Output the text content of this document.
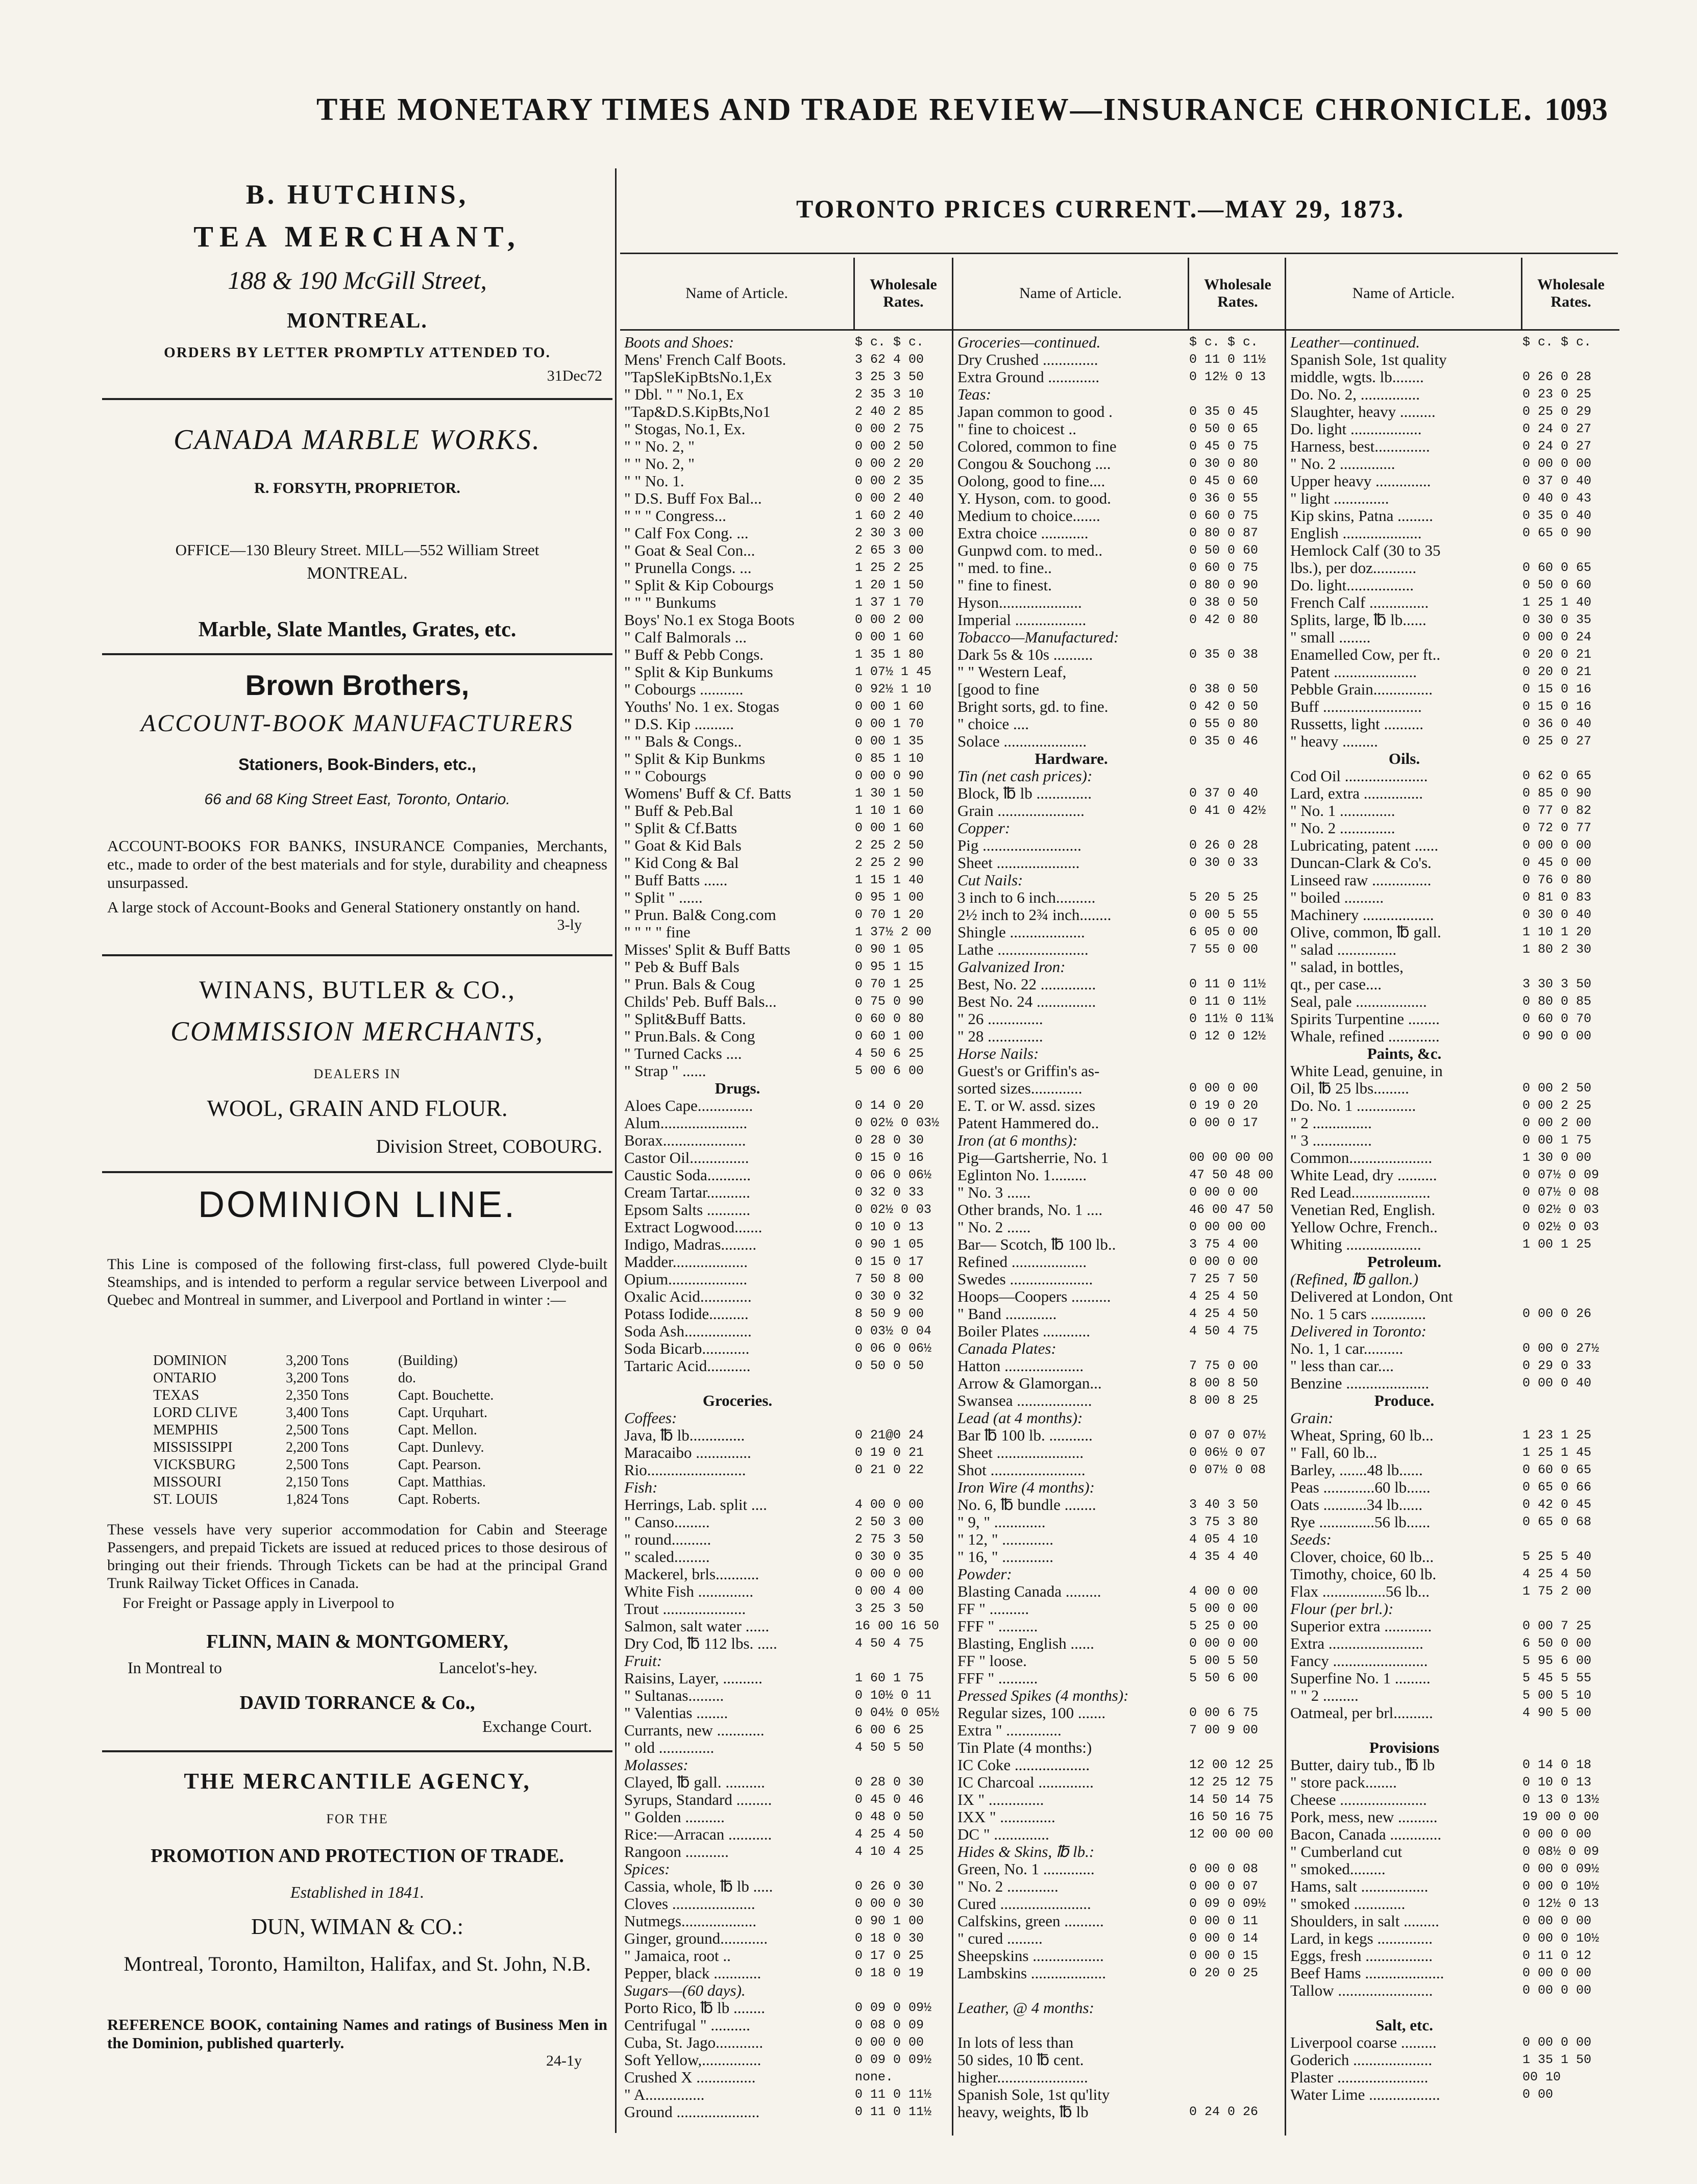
THE MONETARY TIMES AND TRADE REVIEW—INSURANCE CHRONICLE. 1093
B. HUTCHINS,
TEA MERCHANT,
188 & 190 McGill Street,
MONTREAL.
ORDERS BY LETTER PROMPTLY ATTENDED TO.
31Dec72
CANADA MARBLE WORKS.
R. FORSYTH, PROPRIETOR.
OFFICE—130 Bleury Street. MILL—552 William Street
MONTREAL.
Marble, Slate Mantles, Grates, etc.
Brown Brothers,
ACCOUNT-BOOK MANUFACTURERS
Stationers, Book-Binders, etc.,
66 and 68 King Street East, Toronto, Ontario.
ACCOUNT-BOOKS FOR BANKS, INSURANCE Companies, Merchants, etc., made to order of the best materials and for style, durability and cheapness unsurpassed.
A large stock of Account-Books and General Stationery onstantly on hand.
3-ly
WINANS, BUTLER & CO.,
COMMISSION MERCHANTS,
DEALERS IN
WOOL, GRAIN AND FLOUR.
Division Street, COBOURG.
DOMINION LINE.
This Line is composed of the following first-class, full powered Clyde-built Steamships, and is intended to perform a regular service between Liverpool and Quebec and Montreal in summer, and Liverpool and Portland in winter :—
DOMINION	3,200 Tons	(Building)
ONTARIO	3,200 Tons	do.
TEXAS	2,350 Tons	Capt. Bouchette.
LORD CLIVE	3,400 Tons	Capt. Urquhart.
MEMPHIS	2,500 Tons	Capt. Mellon.
MISSISSIPPI	2,200 Tons	Capt. Dunlevy.
VICKSBURG	2,500 Tons	Capt. Pearson.
MISSOURI	2,150 Tons	Capt. Matthias.
ST. LOUIS	1,824 Tons	Capt. Roberts.
These vessels have very superior accommodation for Cabin and Steerage Passengers, and prepaid Tickets are issued at reduced prices to those desirous of bringing out their friends. Through Tickets can be had at the principal Grand Trunk Railway Ticket Offices in Canada.
For Freight or Passage apply in Liverpool to
FLINN, MAIN & MONTGOMERY,
In Montreal to	Lancelot's-hey.
DAVID TORRANCE & Co.,
Exchange Court.
THE MERCANTILE AGENCY,
FOR THE
PROMOTION AND PROTECTION OF TRADE.
Established in 1841.
DUN, WIMAN & CO.:
Montreal, Toronto, Hamilton, Halifax, and St. John, N.B.
REFERENCE BOOK, containing Names and ratings of Business Men in the Dominion, published quarterly.
24-1y
TORONTO PRICES CURRENT.—MAY 29, 1873.
Name of Article.
Wholesale
Rates.
Boots and Shoes:	$ c. $ c.
Mens' French Calf Boots.	3 62 4 00
"TapSleKipBtsNo.1,Ex	3 25 3 50
" Dbl. " " No.1, Ex	2 35 3 10
"Tap&D.S.KipBts,No1	2 40 2 85
" Stogas, No.1, Ex.	0 00 2 75
" " No. 2, "	0 00 2 50
" " No. 2, "	0 00 2 20
" " No. 1.	0 00 2 35
" D.S. Buff Fox Bal...	0 00 2 40
" " " Congress...	1 60 2 40
" Calf Fox Cong. ...	2 30 3 00
" Goat & Seal Con...	2 65 3 00
" Prunella Congs. ...	1 25 2 25
" Split & Kip Cobourgs	1 20 1 50
" " " Bunkums	1 37 1 70
Boys' No.1 ex Stoga Boots	0 00 2 00
" Calf Balmorals ...	0 00 1 60
" Buff & Pebb Congs.	1 35 1 80
" Split & Kip Bunkums	1 07½ 1 45
" Cobourgs ...........	0 92½ 1 10
Youths' No. 1 ex. Stogas	0 00 1 60
" D.S. Kip ..........	0 00 1 70
" " Bals & Congs..	0 00 1 35
" Split & Kip Bunkms	0 85 1 10
" " Cobourgs	0 00 0 90
Womens' Buff & Cf. Batts	1 30 1 50
" Buff & Peb.Bal	1 10 1 60
" Split & Cf.Batts	0 00 1 60
" Goat & Kid Bals	2 25 2 50
" Kid Cong & Bal	2 25 2 90
" Buff Batts ......	1 15 1 40
" Split " ......	0 95 1 00
" Prun. Bal& Cong.com	0 70 1 20
" " " " fine	1 37½ 2 00
Misses' Split & Buff Batts	0 90 1 05
" Peb & Buff Bals	0 95 1 15
" Prun. Bals & Coug	0 70 1 25
Childs' Peb. Buff Bals...	0 75 0 90
" Split&Buff Batts.	0 60 0 80
" Prun.Bals. & Cong	0 60 1 00
" Turned Cacks ....	4 50 6 25
" Strap " ......	5 00 6 00
Drugs.
Aloes Cape..............	0 14 0 20
Alum......................	0 02½ 0 03½
Borax.....................	0 28 0 30
Castor Oil...............	0 15 0 16
Caustic Soda...........	0 06 0 06½
Cream Tartar...........	0 32 0 33
Epsom Salts ...........	0 02½ 0 03
Extract Logwood.......	0 10 0 13
Indigo, Madras.........	0 90 1 05
Madder...................	0 15 0 17
Opium....................	7 50 8 00
Oxalic Acid.............	0 30 0 32
Potass Iodide..........	8 50 9 00
Soda Ash.................	0 03½ 0 04
Soda Bicarb............	0 06 0 06½
Tartaric Acid...........	0 50 0 50
Groceries.
Coffees:
Java, ℔ lb..............	0 21@0 24
Maracaibo ..............	0 19 0 21
Rio.........................	0 21 0 22
Fish:
Herrings, Lab. split ....	4 00 0 00
" Canso.........	2 50 3 00
" round..........	2 75 3 50
" scaled.........	0 30 0 35
Mackerel, brls...........	0 00 0 00
White Fish ..............	0 00 4 00
Trout .....................	3 25 3 50
Salmon, salt water ......	16 00 16 50
Dry Cod, ℔ 112 lbs. .....	4 50 4 75
Fruit:
Raisins, Layer, ..........	1 60 1 75
" Sultanas.........	0 10½ 0 11
" Valentias ........	0 04½ 0 05½
Currants, new ............	6 00 6 25
" old ..............	4 50 5 50
Molasses:
Clayed, ℔ gall. ..........	0 28 0 30
Syrups, Standard .........	0 45 0 46
" Golden ..........	0 48 0 50
Rice:—Arracan ...........	4 25 4 50
Rangoon ...........	4 10 4 25
Spices:
Cassia, whole, ℔ lb .....	0 26 0 30
Cloves .....................	0 00 0 30
Nutmegs...................	0 90 1 00
Ginger, ground............	0 18 0 30
" Jamaica, root ..	0 17 0 25
Pepper, black ............	0 18 0 19
Sugars—(60 days).
Porto Rico, ℔ lb ........	0 09 0 09½
Centrifugal " ..........	0 08 0 09
Cuba, St. Jago............	0 00 0 00
Soft Yellow,...............	0 09 0 09½
Crushed X ...............	none.
" A...............	0 11 0 11½
Ground .....................	0 11 0 11½
Name of Article.
Wholesale
Rates.
Groceries—continued.	$ c. $ c.
Dry Crushed ..............	0 11 0 11½
Extra Ground .............	0 12½ 0 13
Teas:
Japan common to good .	0 35 0 45
" fine to choicest ..	0 50 0 65
Colored, common to fine	0 45 0 75
Congou & Souchong ....	0 30 0 80
Oolong, good to fine....	0 45 0 60
Y. Hyson, com. to good.	0 36 0 55
Medium to choice.......	0 60 0 75
Extra choice ............	0 80 0 87
Gunpwd com. to med..	0 50 0 60
" med. to fine..	0 60 0 75
" fine to finest.	0 80 0 90
Hyson.....................	0 38 0 50
Imperial ..................	0 42 0 80
Tobacco—Manufactured:
Dark 5s & 10s ..........	0 35 0 38
" " Western Leaf,
[good to fine	0 38 0 50
Bright sorts, gd. to fine.	0 42 0 50
" choice ....	0 55 0 80
Solace .....................	0 35 0 46
Hardware.
Tin (net cash prices):
Block, ℔ lb ..............	0 37 0 40
Grain ......................	0 41 0 42½
Copper:
Pig .........................	0 26 0 28
Sheet .....................	0 30 0 33
Cut Nails:
3 inch to 6 inch..........	5 20 5 25
2½ inch to 2¾ inch........	0 00 5 55
Shingle ...................	6 05 0 00
Lathe .......................	7 55 0 00
Galvanized Iron:
Best, No. 22 ..............	0 11 0 11½
Best No. 24 ...............	0 11 0 11½
" 26 ..............	0 11½ 0 11¾
" 28 ..............	0 12 0 12½
Horse Nails:
Guest's or Griffin's as-
sorted sizes.............	0 00 0 00
E. T. or W. assd. sizes	0 19 0 20
Patent Hammered do..	0 00 0 17
Iron (at 6 months):
Pig—Gartsherrie, No. 1	00 00 00 00
Eglinton No. 1.........	47 50 48 00
" No. 3 ......	0 00 0 00
Other brands, No. 1 ....	46 00 47 50
" No. 2 ......	0 00 00 00
Bar— Scotch, ℔ 100 lb..	3 75 4 00
Refined ...................	0 00 0 00
Swedes .....................	7 25 7 50
Hoops—Coopers ..........	4 25 4 50
" Band .............	4 25 4 50
Boiler Plates ............	4 50 4 75
Canada Plates:
Hatton ....................	7 75 0 00
Arrow & Glamorgan...	8 00 8 50
Swansea ...................	8 00 8 25
Lead (at 4 months):
Bar ℔ 100 lb. ...........	0 07 0 07½
Sheet ......................	0 06½ 0 07
Shot ........................	0 07½ 0 08
Iron Wire (4 months):
No. 6, ℔ bundle ........	3 40 3 50
" 9, " .............	3 75 3 80
" 12, " .............	4 05 4 10
" 16, " .............	4 35 4 40
Powder:
Blasting Canada .........	4 00 0 00
FF " ..........	5 00 0 00
FFF " ..........	5 25 0 00
Blasting, English ......	0 00 0 00
FF " loose.	5 00 5 50
FFF " ..........	5 50 6 00
Pressed Spikes (4 months):
Regular sizes, 100 .......	0 00 6 75
Extra " ..............	7 00 9 00
Tin Plate (4 months:)
IC Coke ...................	12 00 12 25
IC Charcoal ..............	12 25 12 75
IX " ..............	14 50 14 75
IXX " ..............	16 50 16 75
DC " ..............	12 00 00 00
Hides & Skins, ℔ lb.:
Green, No. 1 .............	0 00 0 08
" No. 2 .............	0 00 0 07
Cured .......................	0 09 0 09½
Calfskins, green ..........	0 00 0 11
" cured .........	0 00 0 14
Sheepskins ..................	0 00 0 15
Lambskins ...................	0 20 0 25
Leather, @ 4 months:
In lots of less than
50 sides, 10 ℔ cent.
higher.......................
Spanish Sole, 1st qu'lity
heavy, weights, ℔ lb	0 24 0 26
Name of Article.
Wholesale
Rates.
Leather—continued.	$ c. $ c.
Spanish Sole, 1st quality
middle, wgts. lb........	0 26 0 28
Do. No. 2, ...............	0 23 0 25
Slaughter, heavy .........	0 25 0 29
Do. light ..................	0 24 0 27
Harness, best..............	0 24 0 27
" No. 2 ..............	0 00 0 00
Upper heavy ..............	0 37 0 40
" light ..............	0 40 0 43
Kip skins, Patna .........	0 35 0 40
English ....................	0 65 0 90
Hemlock Calf (30 to 35
lbs.), per doz...........	0 60 0 65
Do. light.................	0 50 0 60
French Calf ...............	1 25 1 40
Splits, large, ℔ lb......	0 30 0 35
" small ........	0 00 0 24
Enamelled Cow, per ft..	0 20 0 21
Patent .....................	0 20 0 21
Pebble Grain...............	0 15 0 16
Buff .........................	0 15 0 16
Russetts, light ..........	0 36 0 40
" heavy .........	0 25 0 27
Oils.
Cod Oil .....................	0 62 0 65
Lard, extra ...............	0 85 0 90
" No. 1 ..............	0 77 0 82
" No. 2 ..............	0 72 0 77
Lubricating, patent ......	0 00 0 00
Duncan-Clark & Co's.	0 45 0 00
Linseed raw ...............	0 76 0 80
" boiled ..........	0 81 0 83
Machinery ..................	0 30 0 40
Olive, common, ℔ gall.	1 10 1 20
" salad ...............	1 80 2 30
" salad, in bottles,
qt., per case....	3 30 3 50
Seal, pale ..................	0 80 0 85
Spirits Turpentine ........	0 60 0 70
Whale, refined .............	0 90 0 00
Paints, &c.
White Lead, genuine, in
Oil, ℔ 25 lbs.........	0 00 2 50
Do. No. 1 ...............	0 00 2 25
" 2 ...............	0 00 2 00
" 3 ...............	0 00 1 75
Common.....................	1 30 0 00
White Lead, dry ..........	0 07½ 0 09
Red Lead....................	0 07½ 0 08
Venetian Red, English.	0 02½ 0 03
Yellow Ochre, French..	0 02½ 0 03
Whiting ...................	1 00 1 25
Petroleum.
(Refined, ℔ gallon.)
Delivered at London, Ont
No. 1 5 cars ..............	0 00 0 26
Delivered in Toronto:
No. 1, 1 car..........	0 00 0 27½
" less than car....	0 29 0 33
Benzine .....................	0 00 0 40
Produce.
Grain:
Wheat, Spring, 60 lb...	1 23 1 25
" Fall, 60 lb...	1 25 1 45
Barley, .......48 lb......	0 60 0 65
Peas .............60 lb......	0 65 0 66
Oats ...........34 lb......	0 42 0 45
Rye ..............56 lb......	0 65 0 68
Seeds:
Clover, choice, 60 lb...	5 25 5 40
Timothy, choice, 60 lb.	4 25 4 50
Flax ................56 lb...	1 75 2 00
Flour (per brl.):
Superior extra ............	0 00 7 25
Extra ........................	6 50 0 00
Fancy ........................	5 95 6 00
Superfine No. 1 .........	5 45 5 55
" " 2 .........	5 00 5 10
Oatmeal, per brl..........	4 90 5 00
Provisions
Butter, dairy tub., ℔ lb	0 14 0 18
" store pack........	0 10 0 13
Cheese ......................	0 13 0 13½
Pork, mess, new ..........	19 00 0 00
Bacon, Canada .............	0 00 0 00
" Cumberland cut	0 08½ 0 09
" smoked.........	0 00 0 09½
Hams, salt .................	0 00 0 10½
" smoked .............	0 12½ 0 13
Shoulders, in salt .........	0 00 0 00
Lard, in kegs ..............	0 00 0 10½
Eggs, fresh .................	0 11 0 12
Beef Hams ....................	0 00 0 00
Tallow ........................	0 00 0 00
Salt, etc.
Liverpool coarse .........	0 00 0 00
Goderich ....................	1 35 1 50
Plaster .......................	00 10
Water Lime ..................	0 00
